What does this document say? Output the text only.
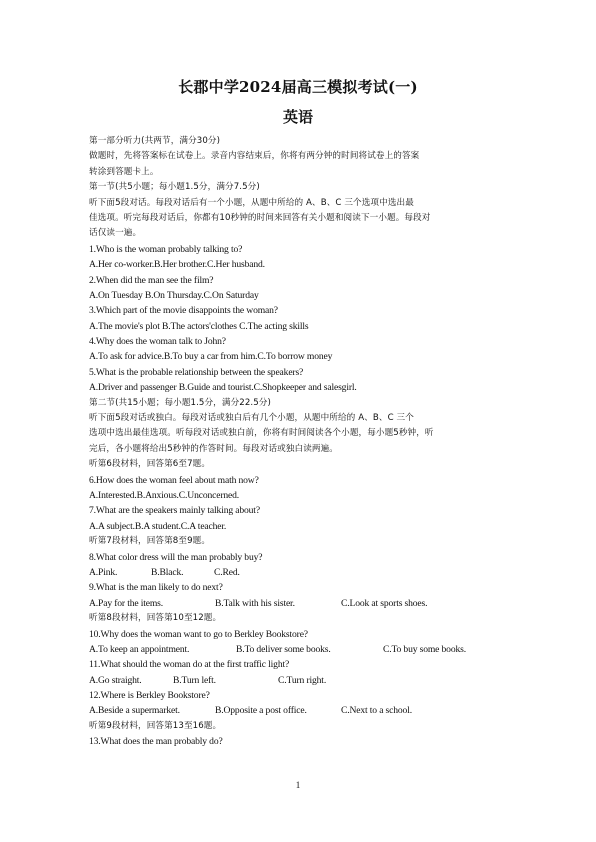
长郡中学2024届高三模拟考试(一)
英语
第一部分听力(共两节，满分30分)
做题时，先将答案标在试卷上。录音内容结束后，你将有两分钟的时间将试卷上的答案
转涂到答题卡上。
第一节(共5小题；每小题1.5分，满分7.5分)
听下面5段对话。每段对话后有一个小题，从题中所给的 A、B、C 三个选项中选出最
佳选项。听完每段对话后，你都有10秒钟的时间来回答有关小题和阅读下一小题。每段对
话仅读一遍。
1.Who is the woman probably talking to?
A.Her co-worker.B.Her brother.C.Her husband.
2.When did the man see the film?
A.On Tuesday B.On Thursday.C.On Saturday
3.Which part of the movie disappoints the woman?
A.The movie's plot B.The actors'clothes C.The acting skills
4.Why does the woman talk to John?
A.To ask for advice.B.To buy a car from him.C.To borrow money
5.What is the probable relationship between the speakers?
A.Driver and passenger B.Guide and tourist.C.Shopkeeper and salesgirl.
第二节(共15小题；每小题1.5分，满分22.5分)
听下面5段对话或独白。每段对话或独白后有几个小题，从题中所给的 A、B、C 三个
选项中选出最佳选项。听每段对话或独白前，你将有时间阅读各个小题，每小题5秒钟，听
完后，各小题将给出5秒钟的作答时间。每段对话或独白读两遍。
听第6段材料，回答第6至7题。
6.How does the woman feel about math now?
A.Interested.B.Anxious.C.Unconcerned.
7.What are the speakers mainly talking about?
A.A subject.B.A student.C.A teacher.
听第7段材料，回答第8至9题。
8.What color dress will the man probably buy?
A.Pink.	B.Black.	C.Red.
9.What is the man likely to do next?
A.Pay for the items.	B.Talk with his sister.	C.Look at sports shoes.
听第8段材料，回答第10至12题。
10.Why does the woman want to go to Berkley Bookstore?
A.To keep an appointment.	B.To deliver some books.	C.To buy some books.
11.What should the woman do at the first traffic light?
A.Go straight.	B.Turn left.	C.Turn right.
12.Where is Berkley Bookstore?
A.Beside a supermarket.	B.Opposite a post office.	C.Next to a school.
听第9段材料，回答第13至16题。
13.What does the man probably do?
1
